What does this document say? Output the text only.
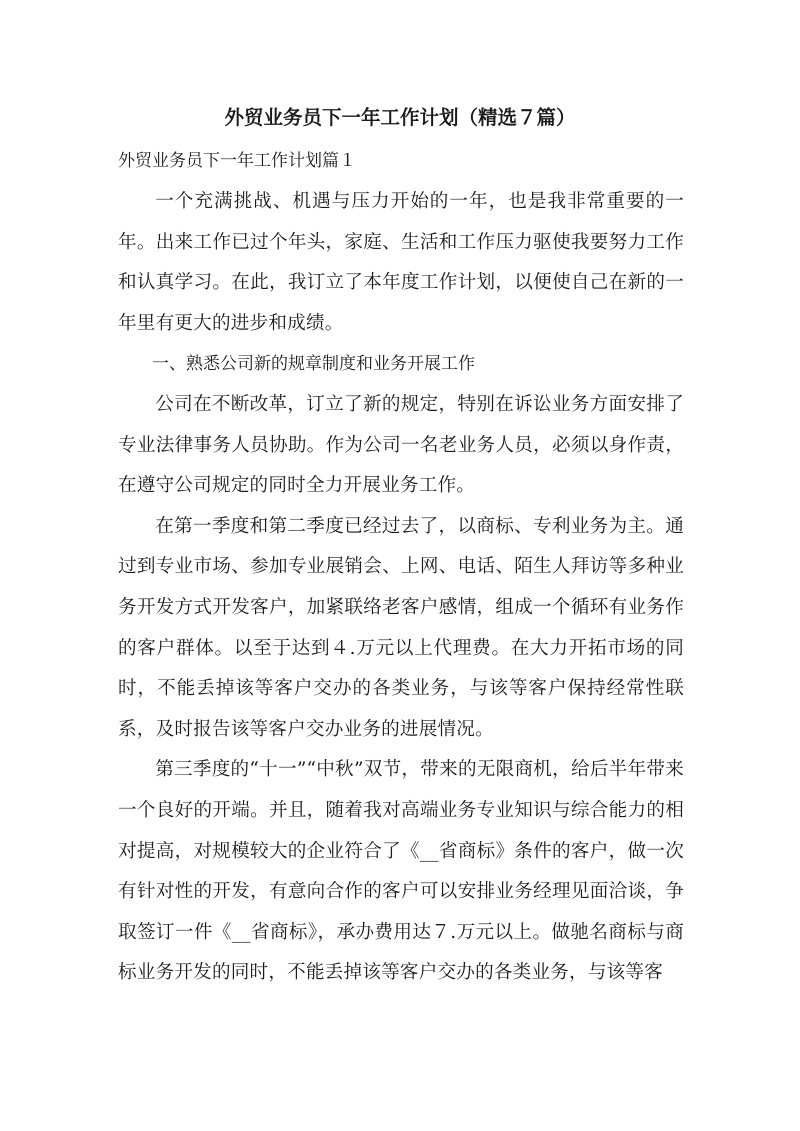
外贸业务员下一年工作计划（精选７篇）
外贸业务员下一年工作计划篇１

一个充满挑战、机遇与压力开始的一年，也是我非常重要的一年。出来工作已过个年头，家庭、生活和工作压力驱使我要努力工作和认真学习。在此，我订立了本年度工作计划，以便使自己在新的一年里有更大的进步和成绩。

一、熟悉公司新的规章制度和业务开展工作

公司在不断改革，订立了新的规定，特别在诉讼业务方面安排了专业法律事务人员协助。作为公司一名老业务人员，必须以身作责，在遵守公司规定的同时全力开展业务工作。

在第一季度和第二季度已经过去了，以商标、专利业务为主。通过到专业市场、参加专业展销会、上网、电话、陌生人拜访等多种业务开发方式开发客户，加紧联络老客户感情，组成一个循环有业务作的客户群体。以至于达到４.万元以上代理费。在大力开拓市场的同时，不能丢掉该等客户交办的各类业务，与该等客户保持经常性联系，及时报告该等客户交办业务的进展情况。

第三季度的“十一”“中秋”双节，带来的无限商机，给后半年带来一个良好的开端。并且，随着我对高端业务专业知识与综合能力的相对提高，对规模较大的企业符合了《__省商标》条件的客户，做一次有针对性的开发，有意向合作的客户可以安排业务经理见面洽谈，争取签订一件《__省商标》，承办费用达７.万元以上。做驰名商标与商标业务开发的同时，不能丢掉该等客户交办的各类业务，与该等客
